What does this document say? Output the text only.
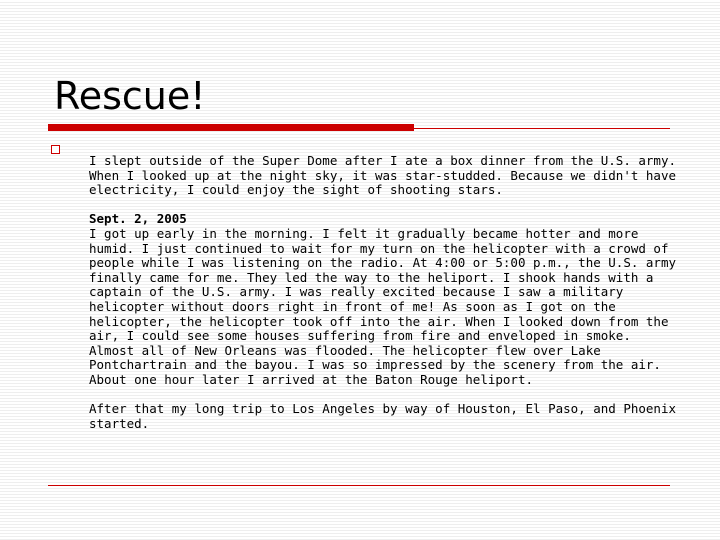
Rescue!

I slept outside of the Super Dome after I ate a box dinner from the U.S. army. When I looked up at the night sky, it was star-studded. Because we didn't have electricity, I could enjoy the sight of shooting stars.

Sept. 2, 2005

I got up early in the morning. I felt it gradually became hotter and more humid. I just continued to wait for my turn on the helicopter with a crowd of people while I was listening on the radio. At 4:00 or 5:00 p.m., the U.S. army finally came for me. They led the way to the heliport. I shook hands with a captain of the U.S. army. I was really excited because I saw a military helicopter without doors right in front of me! As soon as I got on the helicopter, the helicopter took off into the air. When I looked down from the air, I could see some houses suffering from fire and enveloped in smoke. Almost all of New Orleans was flooded. The helicopter flew over Lake Pontchartrain and the bayou. I was so impressed by the scenery from the air. About one hour later I arrived at the Baton Rouge heliport.

After that my long trip to Los Angeles by way of Houston, El Paso, and Phoenix started.
